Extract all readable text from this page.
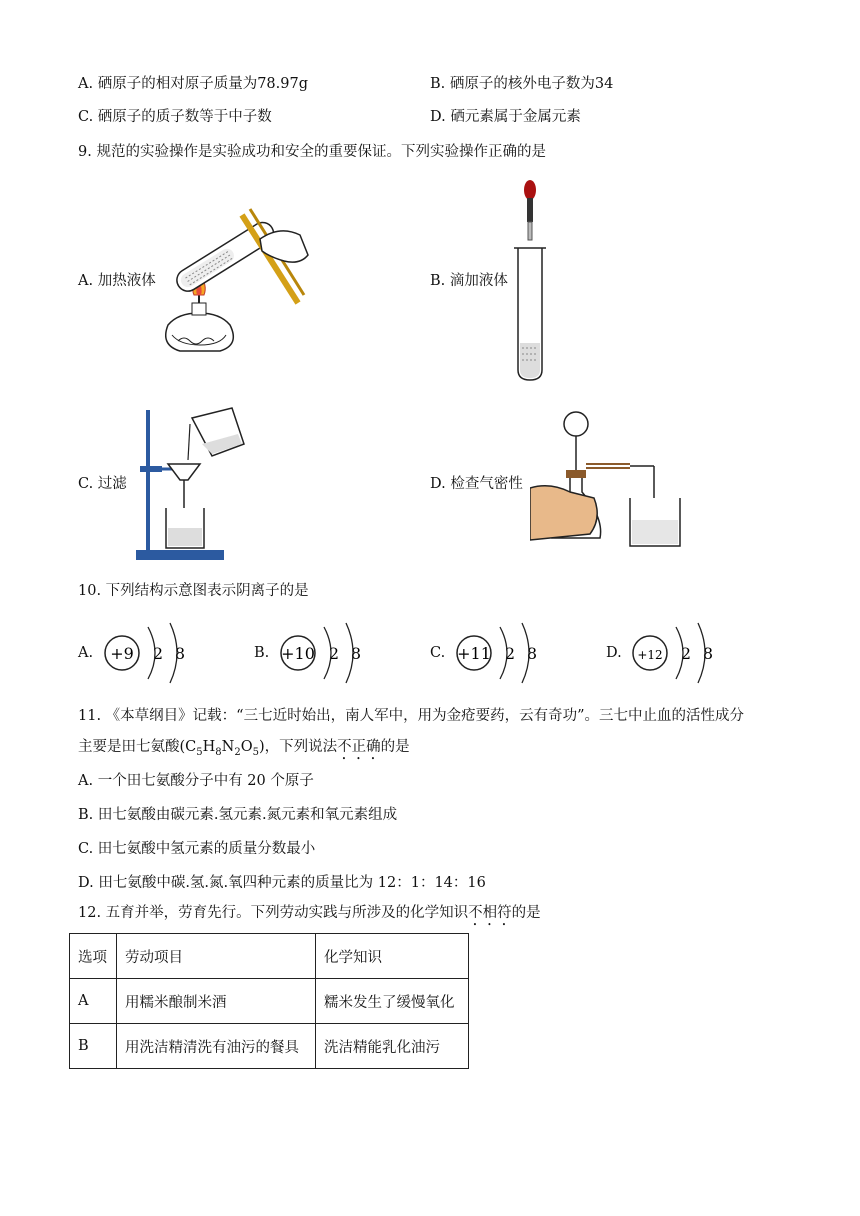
A. 硒原子的相对原子质量为78.97g	B. 硒原子的核外电子数为34
C. 硒原子的质子数等于中子数	D. 硒元素属于金属元素
9. 规范的实验操作是实验成功和安全的重要保证。下列实验操作正确的是
A. 加热液体	B. 滴加液体
C. 过滤	D. 检查气密性
10. 下列结构示意图表示阴离子的是
A. +9 2 8	B. +10 2 8	C. +11 2 8	D. +12 2 8
11. 《本草纲目》记载：“三七近时始出，南人军中，用为金疮要药，云有奇功”。三七中止血的活性成分
主要是田七氨酸$(C_5H_8N_2O_5)$，下列说法不正确的是
A. 一个田七氨酸分子中有 20 个原子
B. 田七氨酸由碳元素.氢元素.氮元素和氧元素组成
C. 田七氨酸中氢元素的质量分数最小
D. 田七氨酸中碳.氢.氮.氧四种元素的质量比为 12：1：14：16
12. 五育并举，劳育先行。下列劳动实践与所涉及的化学知识不相符的是
选项	劳动项目	化学知识
A	用糯米酿制米酒	糯米发生了缓慢氧化
B	用洗洁精清洗有油污的餐具	洗洁精能乳化油污
